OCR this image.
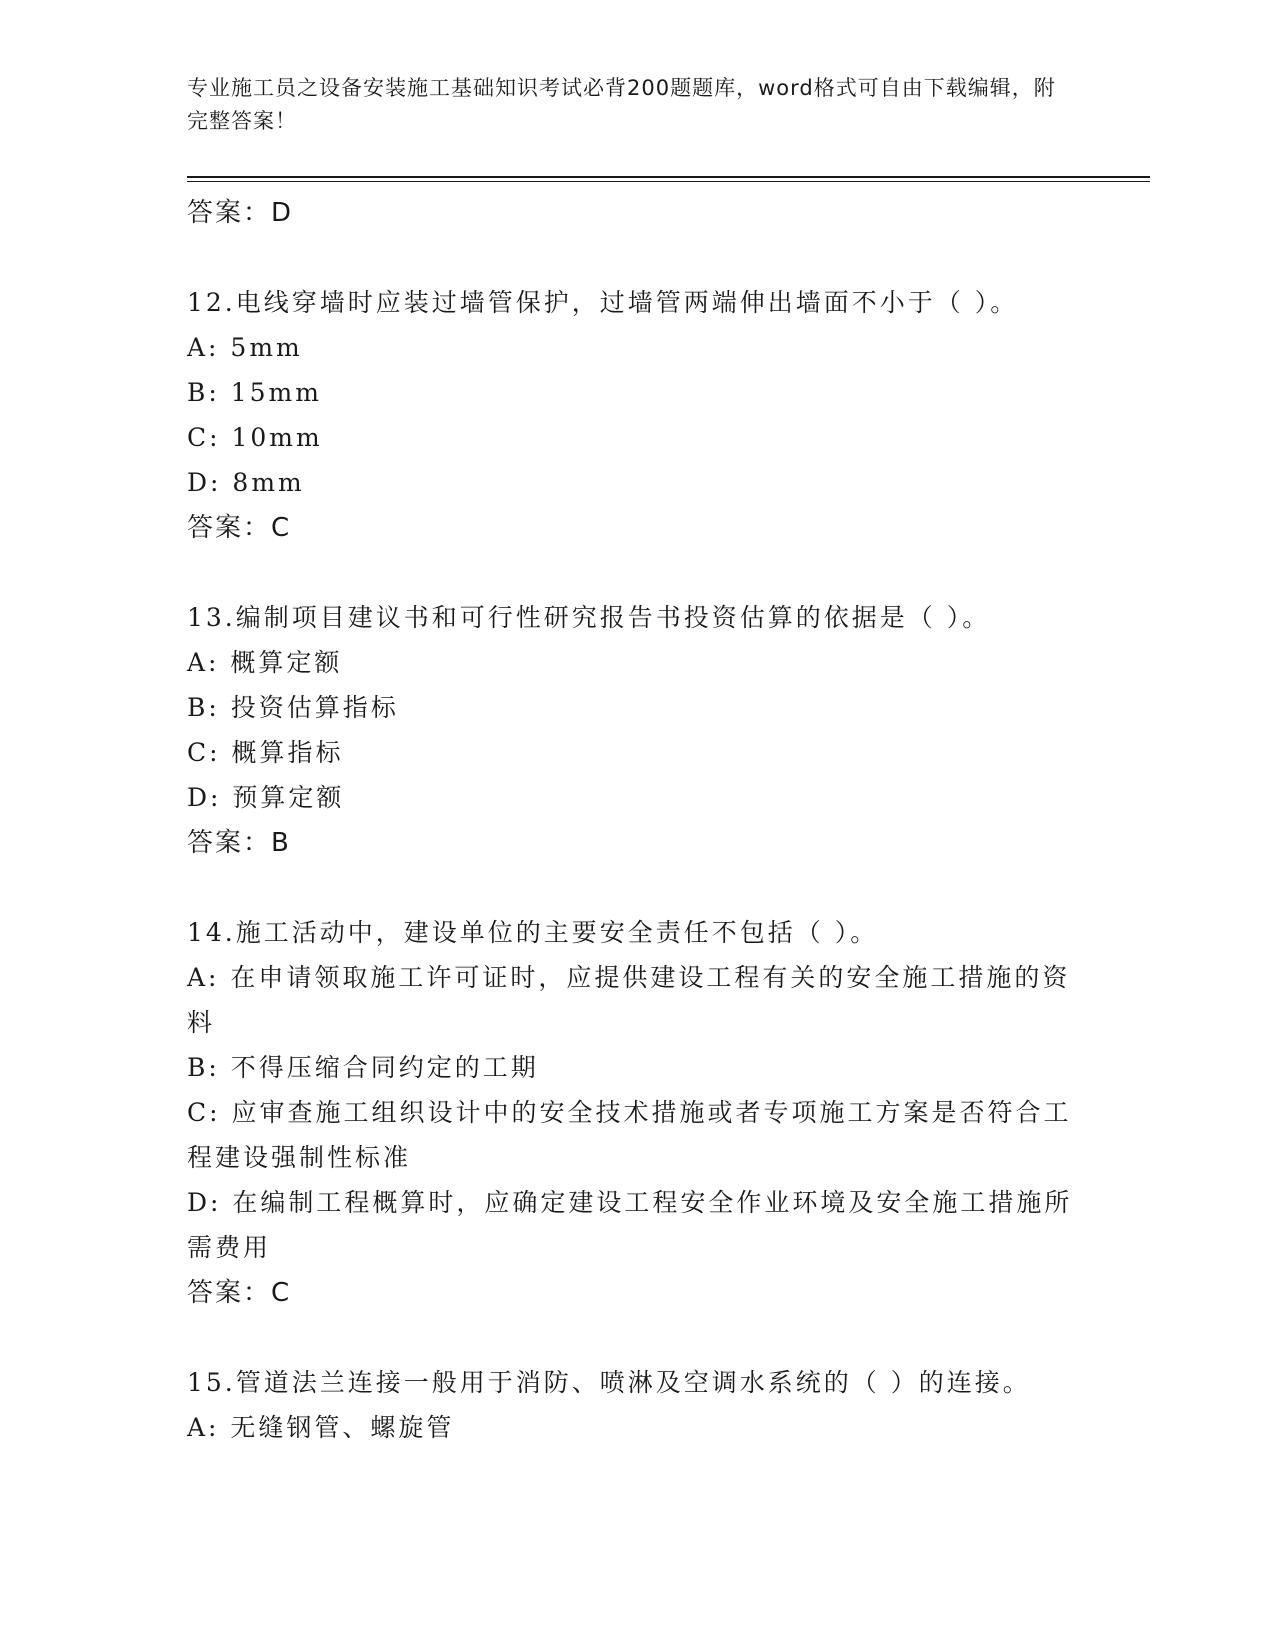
专业施工员之设备安装施工基础知识考试必背200题题库，word格式可自由下载编辑，附完整答案！
答案：D
12.电线穿墙时应装过墙管保护，过墙管两端伸出墙面不小于（ ）。
A: 5mm
B: 15mm
C: 10mm
D: 8mm
答案：C
13.编制项目建议书和可行性研究报告书投资估算的依据是（ ）。
A: 概算定额
B: 投资估算指标
C: 概算指标
D: 预算定额
答案：B
14.施工活动中，建设单位的主要安全责任不包括（ ）。
A: 在申请领取施工许可证时，应提供建设工程有关的安全施工措施的资料
B: 不得压缩合同约定的工期
C: 应审查施工组织设计中的安全技术措施或者专项施工方案是否符合工程建设强制性标准
D: 在编制工程概算时，应确定建设工程安全作业环境及安全施工措施所需费用
答案：C
15.管道法兰连接一般用于消防、喷淋及空调水系统的（ ）的连接。
A: 无缝钢管、螺旋管
